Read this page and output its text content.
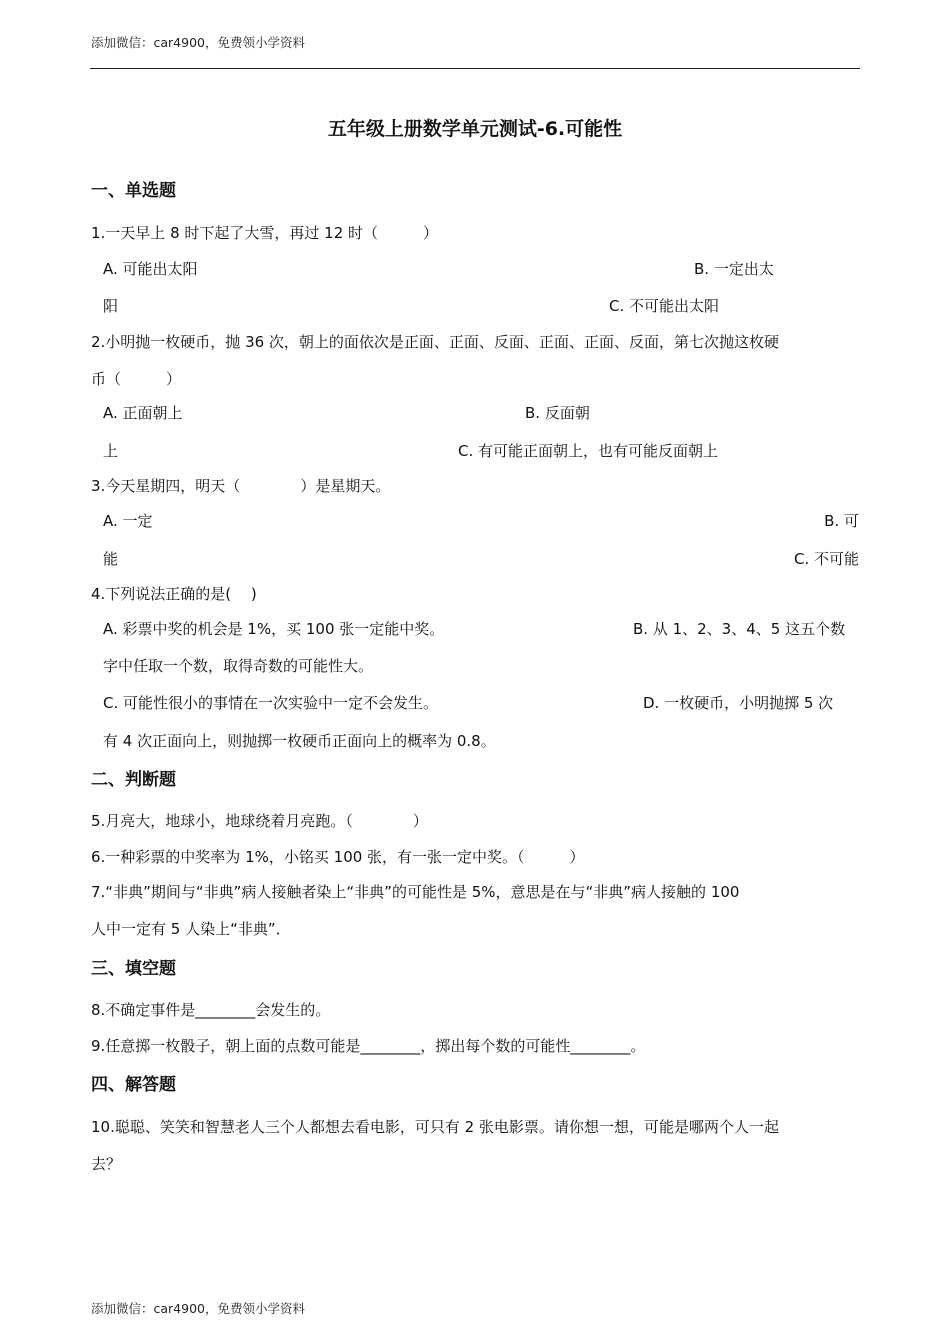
添加微信：car4900，免费领小学资料
五年级上册数学单元测试-6.可能性
一、单选题
1.一天早上 8 时下起了大雪，再过 12 时（　　　）
A. 可能出太阳	B. 一定出太
阳	C. 不可能出太阳
2.小明抛一枚硬币，抛 36 次，朝上的面依次是正面、正面、反面、正面、正面、反面，第七次抛这枚硬
币（　　　）
A. 正面朝上	B. 反面朝
上	C. 有可能正面朝上，也有可能反面朝上
3.今天星期四，明天（　　　　）是星期天。
A. 一定	B. 可
能	C. 不可能
4.下列说法正确的是(　 )
A. 彩票中奖的机会是 1%，买 100 张一定能中奖。	B. 从 1、2、3、4、5 这五个数
字中任取一个数，取得奇数的可能性大。
C. 可能性很小的事情在一次实验中一定不会发生。	D. 一枚硬币，小明抛掷 5 次
有 4 次正面向上，则抛掷一枚硬币正面向上的概率为 0.8。
二、判断题
5.月亮大，地球小，地球绕着月亮跑。（　　　　）
6.一种彩票的中奖率为 1%，小铭买 100 张，有一张一定中奖。（　　　）
7.“非典”期间与“非典”病人接触者染上“非典”的可能性是 5%，意思是在与“非典”病人接触的 100
人中一定有 5 人染上“非典”．
三、填空题
8.不确定事件是________会发生的。
9.任意掷一枚骰子，朝上面的点数可能是________，掷出每个数的可能性________。
四、解答题
10.聪聪、笑笑和智慧老人三个人都想去看电影，可只有 2 张电影票。请你想一想，可能是哪两个人一起
去？
添加微信：car4900，免费领小学资料
